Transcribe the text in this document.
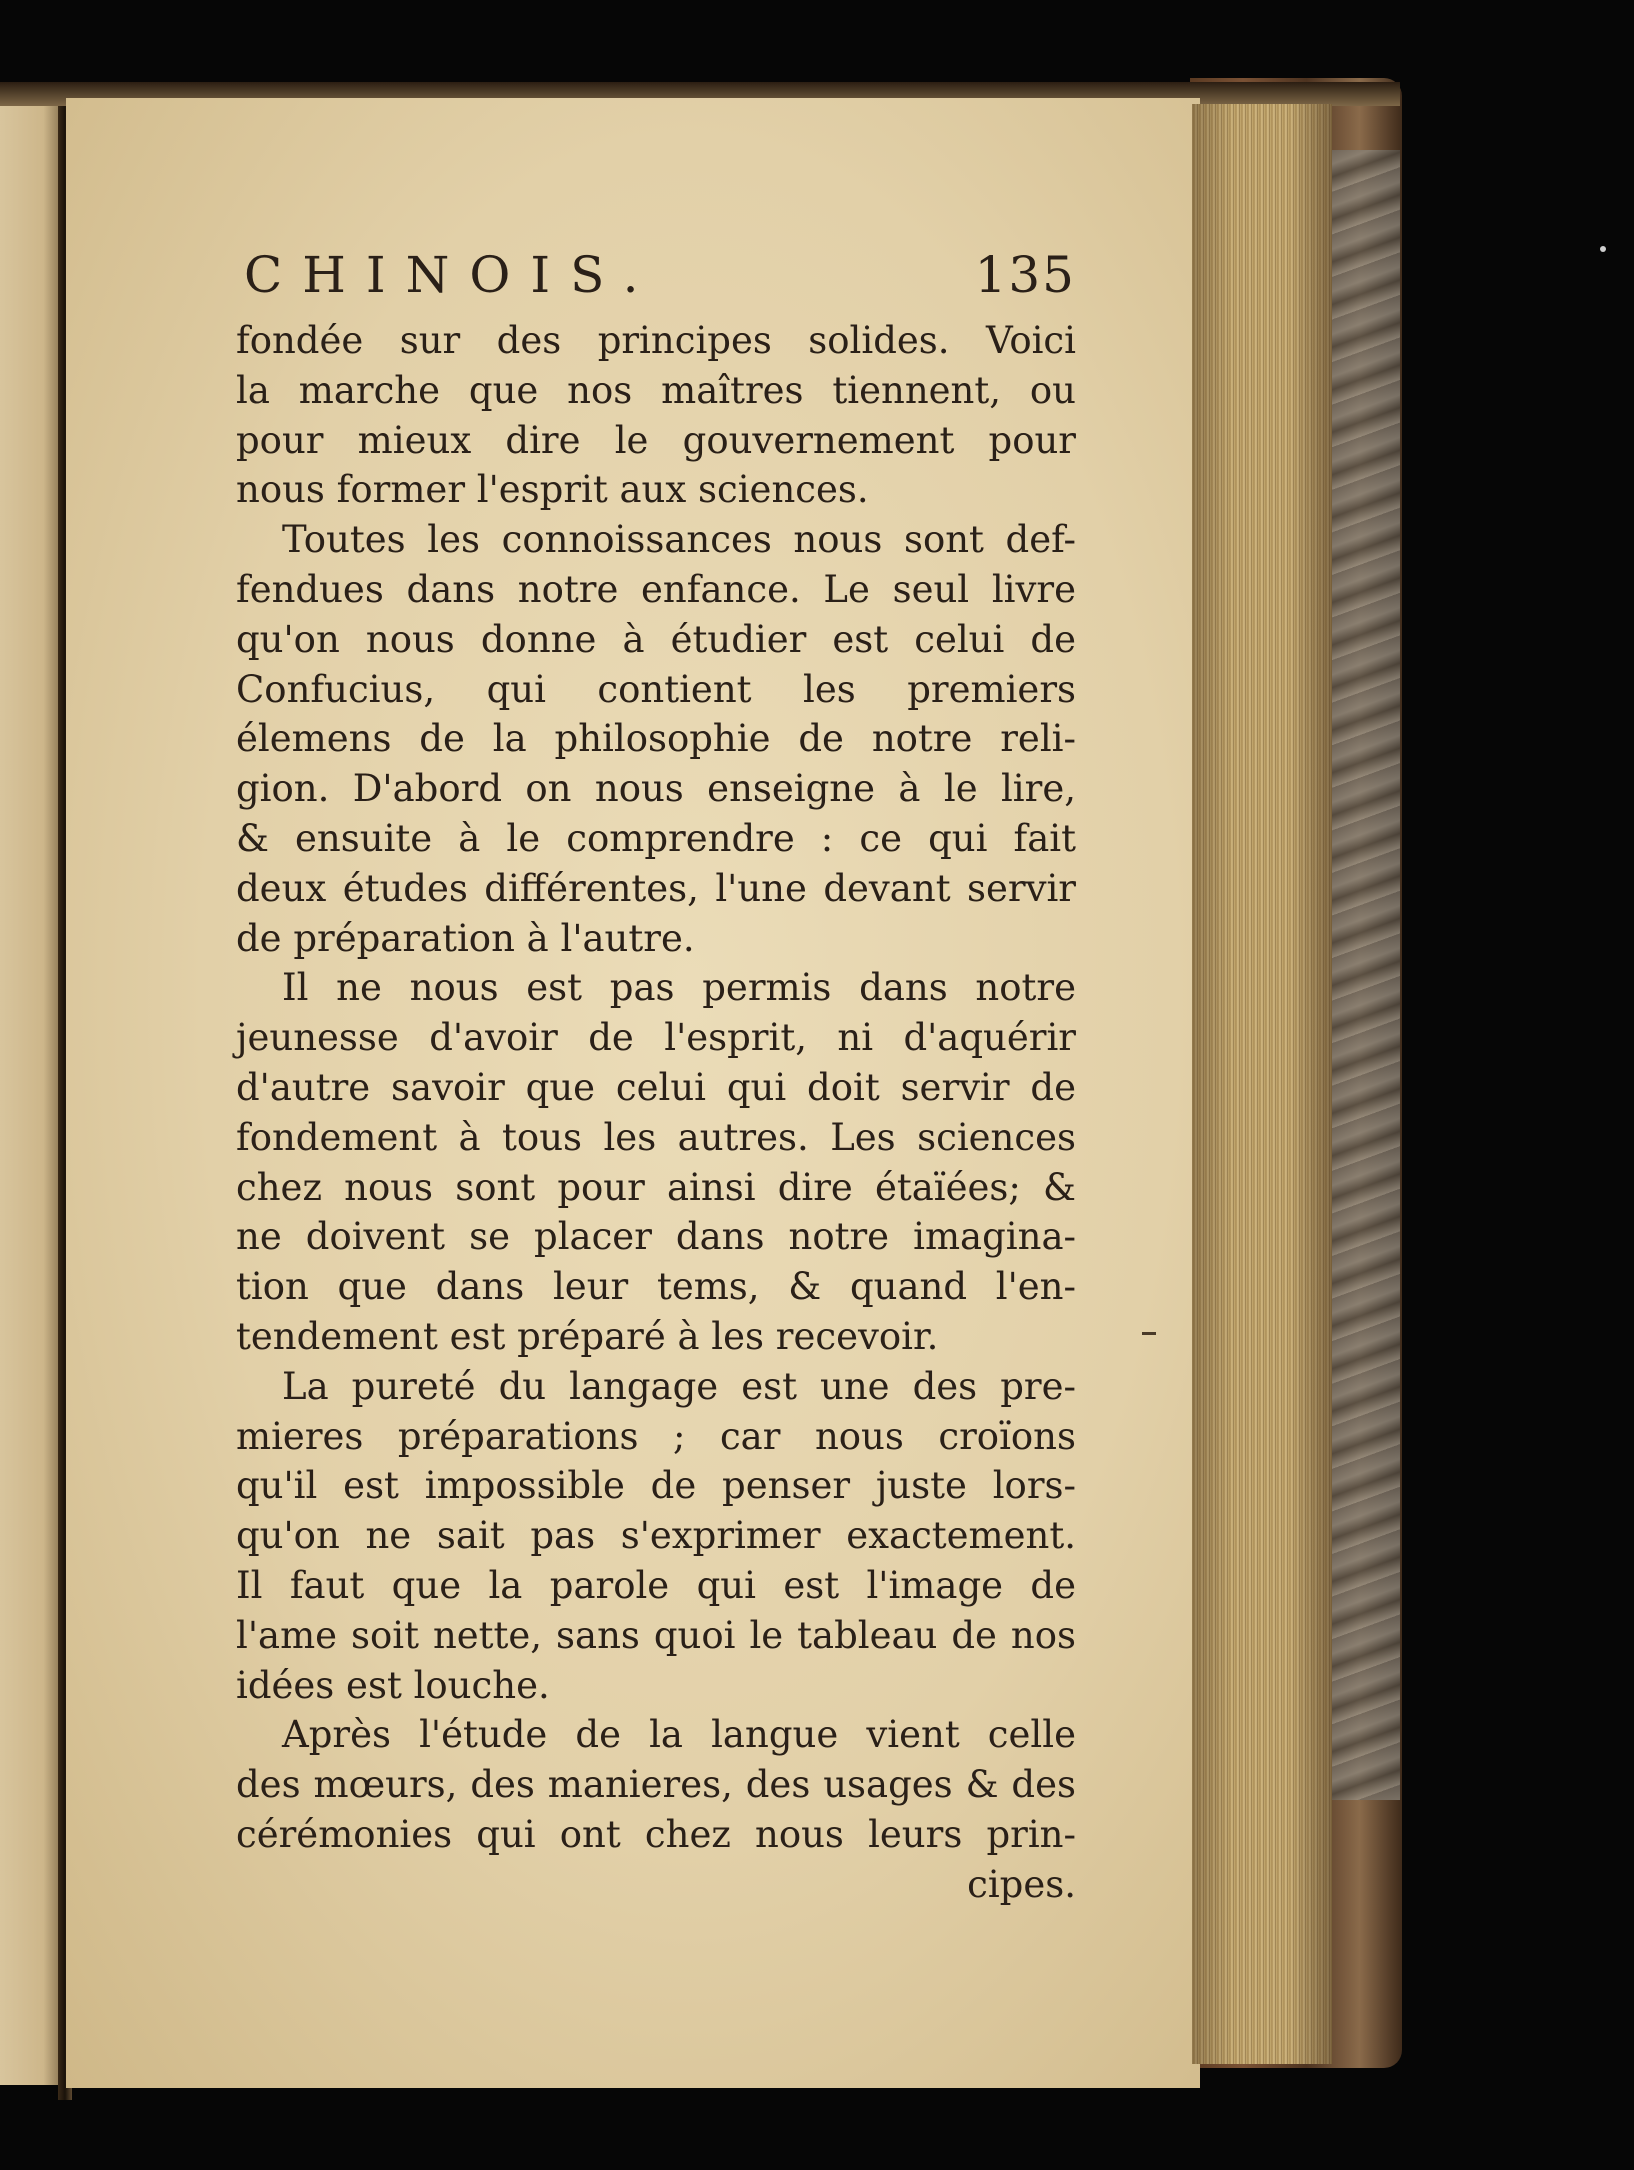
CHINOIS.	135
fondée sur des principes solides. Voici
la marche que nos maîtres tiennent, ou
pour mieux dire le gouvernement pour
nous former l'esprit aux sciences.
Toutes les connoissances nous sont def-
fendues dans notre enfance. Le seul livre
qu'on nous donne à étudier est celui de
Confucius, qui contient les premiers
élemens de la philosophie de notre reli-
gion. D'abord on nous enseigne à le lire,
& ensuite à le comprendre : ce qui fait
deux études différentes, l'une devant servir
de préparation à l'autre.
Il ne nous est pas permis dans notre
jeunesse d'avoir de l'esprit, ni d'aquérir
d'autre savoir que celui qui doit servir de
fondement à tous les autres. Les sciences
chez nous sont pour ainsi dire étaïées; &
ne doivent se placer dans notre imagina-
tion que dans leur tems, & quand l'en-
tendement est préparé à les recevoir.
La pureté du langage est une des pre-
mieres préparations ; car nous croïons
qu'il est impossible de penser juste lors-
qu'on ne sait pas s'exprimer exactement.
Il faut que la parole qui est l'image de
l'ame soit nette, sans quoi le tableau de nos
idées est louche.
Après l'étude de la langue vient celle
des mœurs, des manieres, des usages & des
cérémonies qui ont chez nous leurs prin-
cipes.
